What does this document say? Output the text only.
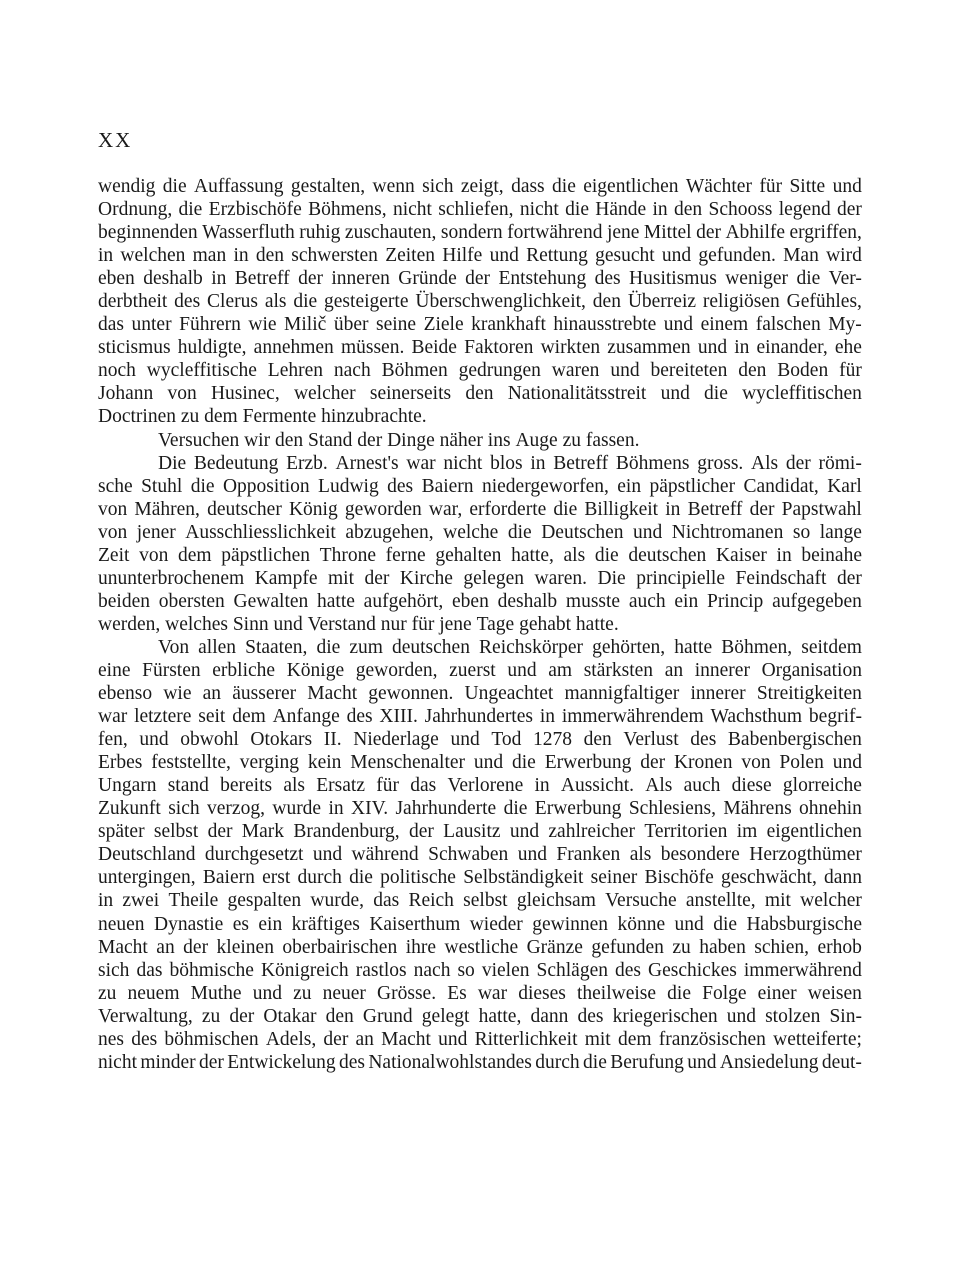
XX
wendig die Auffassung gestalten, wenn sich zeigt, dass die eigentlichen Wächter für Sitte und
Ordnung, die Erzbischöfe Böhmens, nicht schliefen, nicht die Hände in den Schooss legend der
beginnenden Wasserfluth ruhig zuschauten, sondern fortwährend jene Mittel der Abhilfe ergriffen,
in welchen man in den schwersten Zeiten Hilfe und Rettung gesucht und gefunden. Man wird
eben deshalb in Betreff der inneren Gründe der Entstehung des Husitismus weniger die Ver-
derbtheit des Clerus als die gesteigerte Überschwenglichkeit, den Überreiz religiösen Gefühles,
das unter Führern wie Milič über seine Ziele krankhaft hinausstrebte und einem falschen My-
sticismus huldigte, annehmen müssen. Beide Faktoren wirkten zusammen und in einander, ehe
noch wycleffitische Lehren nach Böhmen gedrungen waren und bereiteten den Boden für
Johann von Husinec, welcher seinerseits den Nationalitätsstreit und die wycleffitischen
Doctrinen
zu
dem
Fermente
hinzubrachte.
Versuchen
wir
den
Stand
der
Dinge
näher
ins
Auge
zu
fassen.
Die Bedeutung Erzb. Arnest's war nicht blos in Betreff Böhmens gross. Als der römi-
sche Stuhl die Opposition Ludwig des Baiern niedergeworfen, ein päpstlicher Candidat, Karl
von Mähren, deutscher König geworden war, erforderte die Billigkeit in Betreff der Papstwahl
von jener Ausschliesslichkeit abzugehen, welche die Deutschen und Nichtromanen so lange
Zeit von dem päpstlichen Throne ferne gehalten hatte, als die deutschen Kaiser in beinahe
ununterbrochenem Kampfe mit der Kirche gelegen waren. Die principielle Feindschaft der
beiden obersten Gewalten hatte aufgehört, eben deshalb musste auch ein Princip aufgegeben
werden,
welches
Sinn
und
Verstand
nur
für
jene
Tage
gehabt
hatte.
Von allen Staaten, die zum deutschen Reichskörper gehörten, hatte Böhmen, seitdem
eine Fürsten erbliche Könige geworden, zuerst und am stärksten an innerer Organisation
ebenso wie an äusserer Macht gewonnen. Ungeachtet mannigfaltiger innerer Streitigkeiten
war letztere seit dem Anfange des XIII. Jahrhundertes in immerwährendem Wachsthum begrif-
fen, und obwohl Otokars II. Niederlage und Tod 1278 den Verlust des Babenbergischen
Erbes feststellte, verging kein Menschenalter und die Erwerbung der Kronen von Polen und
Ungarn stand bereits als Ersatz für das Verlorene in Aussicht. Als auch diese glorreiche
Zukunft sich verzog, wurde in XIV. Jahrhunderte die Erwerbung Schlesiens, Mährens ohnehin
später selbst der Mark Brandenburg, der Lausitz und zahlreicher Territorien im eigentlichen
Deutschland durchgesetzt und während Schwaben und Franken als besondere Herzogthümer
untergingen, Baiern erst durch die politische Selbständigkeit seiner Bischöfe geschwächt, dann
in zwei Theile gespalten wurde, das Reich selbst gleichsam Versuche anstellte, mit welcher
neuen Dynastie es ein kräftiges Kaiserthum wieder gewinnen könne und die Habsburgische
Macht an der kleinen oberbairischen ihre westliche Gränze gefunden zu haben schien, erhob
sich das böhmische Königreich rastlos nach so vielen Schlägen des Geschickes immerwährend
zu neuem Muthe und zu neuer Grösse. Es war dieses theilweise die Folge einer weisen
Verwaltung, zu der Otakar den Grund gelegt hatte, dann des kriegerischen und stolzen Sin-
nes des böhmischen Adels, der an Macht und Ritterlichkeit mit dem französischen wetteiferte;
nicht minder der Entwickelung des Nationalwohlstandes durch die Berufung und Ansiedelung deut-
